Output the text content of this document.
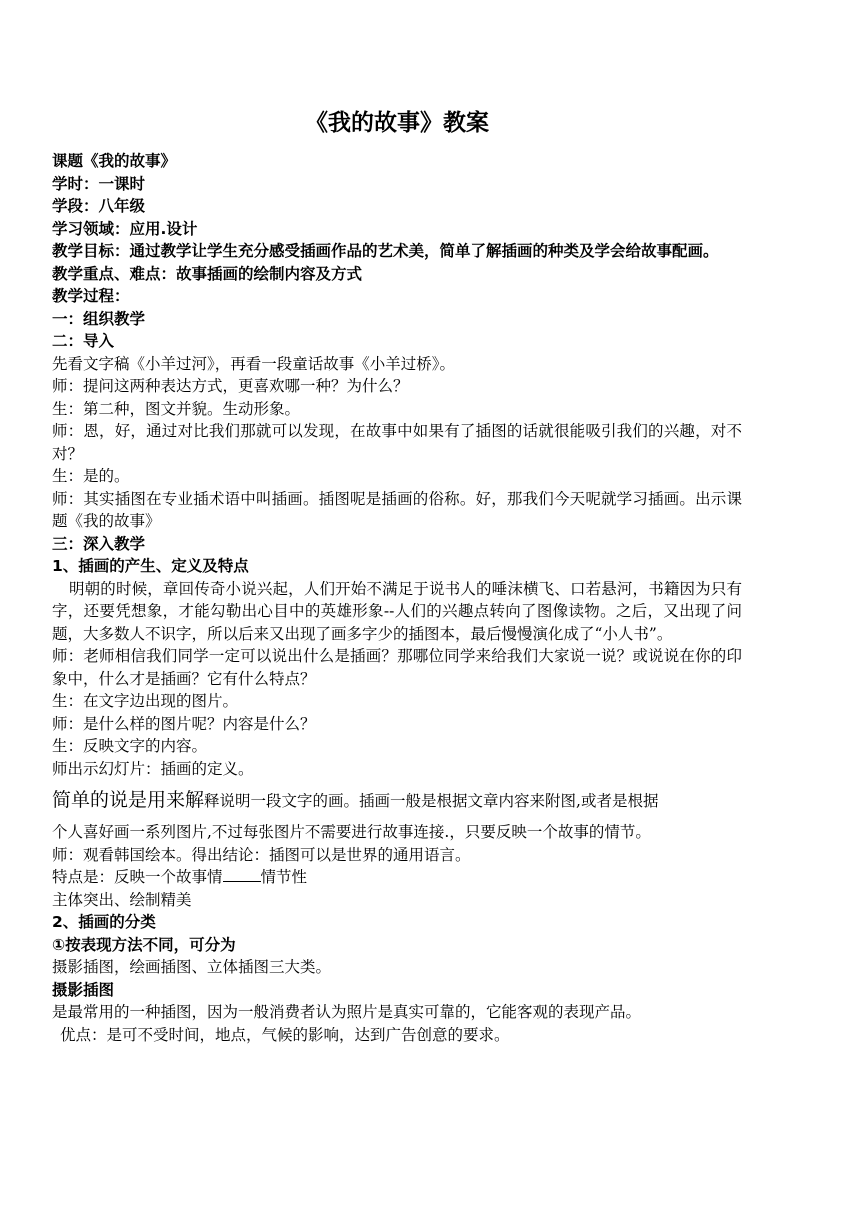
《我的故事》教案
课题《我的故事》
学时：一课时
学段：八年级
学习领域：应用.设计
教学目标： 通过教学让学生充分感受插画作品的艺术美，简单了解插画的种类及学会给故事配画。
教学重点、难点：故事插画的绘制内容及方式
教学过程：
一：组织教学
二：导入
先看文字稿《小羊过河》，再看一段童话故事《小羊过桥》。
师：提问这两种表达方式，更喜欢哪一种？为什么？
生：第二种，图文并貌。生动形象。
师：恩，好，通过对比我们那就可以发现，在故事中如果有了插图的话就很能吸引我们的兴趣，对不对？
生：是的。
师：其实插图在专业插术语中叫插画。插图呢是插画的俗称。好，那我们今天呢就学习插画。出示课题《我的故事》
三：深入教学
1、插画的产生、定义及特点
明朝的时候，章回传奇小说兴起，人们开始不满足于说书人的唾沫横飞、口若悬河，书籍因为只有字，还要凭想象，才能勾勒出心目中的英雄形象--人们的兴趣点转向了图像读物。之后，又出现了问题，大多数人不识字，所以后来又出现了画多字少的插图本，最后慢慢演化成了“小人书”。
师：老师相信我们同学一定可以说出什么是插画？那哪位同学来给我们大家说一说？或说说在你的印象中，什么才是插画？它有什么特点？
生：在文字边出现的图片。
师：是什么样的图片呢？内容是什么？
生：反映文字的内容。
师出示幻灯片：插画的定义。
简单的说是用来解释说明一段文字的画。插画一般是根据文章内容来附图,或者是根据
个人喜好画一系列图片,不过每张图片不需要进行故事连接.，只要反映一个故事的情节。
师：观看韩国绘本。得出结论：插图可以是世界的通用语言。
特点是：反映一个故事情 情节性
主体突出、绘制精美
2、插画的分类
①按表现方法不同，可分为
摄影插图，绘画插图、立体插图三大类。
摄影插图
是最常用的一种插图，因为一般消费者认为照片是真实可靠的，它能客观的表现产品。
优点：是可不受时间，地点，气候的影响，达到广告创意的要求。
